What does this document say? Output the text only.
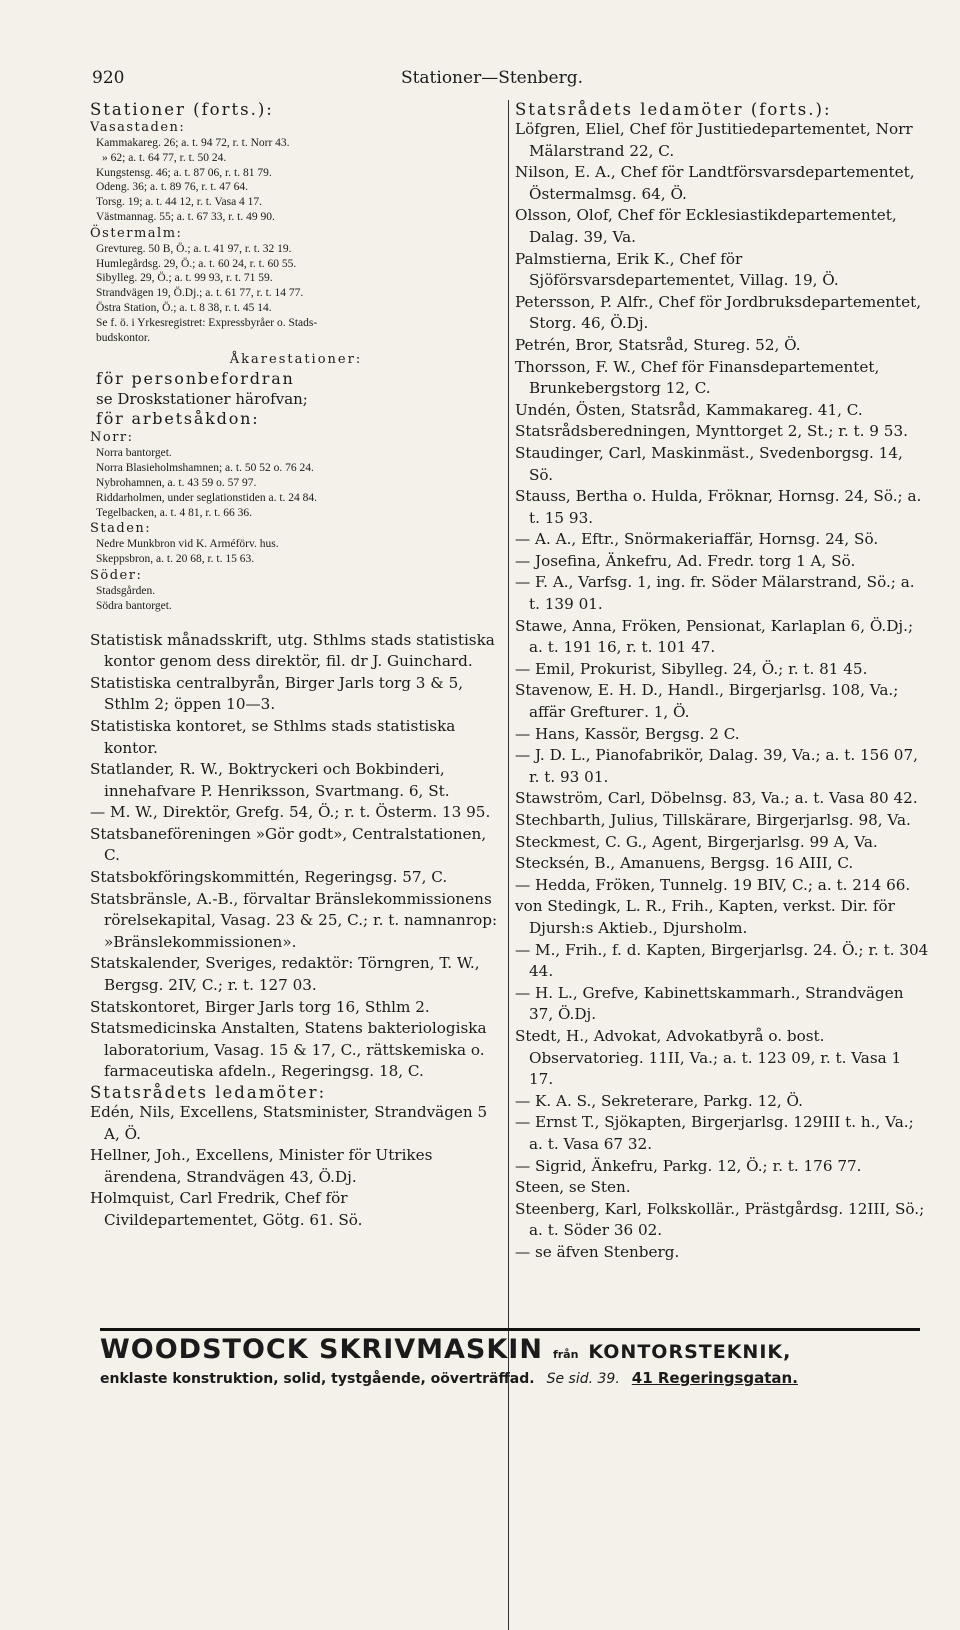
920	Stationer—Stenberg.
Stationer (forts.):
Vasastaden:
Kammakareg. 26; a. t. 94 72, r. t. Norr 43.
» 62; a. t. 64 77, r. t. 50 24.
Kungstensg. 46; a. t. 87 06, r. t. 81 79.
Odeng. 36; a. t. 89 76, r. t. 47 64.
Torsg. 19; a. t. 44 12, r. t. Vasa 4 17.
Västmannag. 55; a. t. 67 33, r. t. 49 90.
Östermalm:
Grevtureg. 50 B, Ö.; a. t. 41 97, r. t. 32 19.
Humlegårdsg. 29, Ö.; a. t. 60 24, r. t. 60 55.
Sibylleg. 29, Ö.; a. t. 99 93, r. t. 71 59.
Strandvägen 19, Ö.Dj.; a. t. 61 77, r. t. 14 77.
Östra Station, Ö.; a. t. 8 38, r. t. 45 14.
Se f. ö. i Yrkesregistret: Expressbyråer o. Stads-
budskontor.
Åkarestationer:
för personbefordran
se Droskstationer härofvan;
för arbetsåkdon:
Norr:
Norra bantorget.
Norra Blasieholmshamnen; a. t. 50 52 o. 76 24.
Nybrohamnen, a. t. 43 59 o. 57 97.
Riddarholmen, under seglationstiden a. t. 24 84.
Tegelbacken, a. t. 4 81, r. t. 66 36.
Staden:
Nedre Munkbron vid K. Arméförv. hus.
Skeppsbron, a. t. 20 68, r. t. 15 63.
Söder:
Stadsgården.
Södra bantorget.
Statistisk månadsskrift, utg. Sthlms stads statistiska kontor genom dess direktör, fil. dr J. Guinchard.
Statistiska centralbyrån, Birger Jarls torg 3 & 5, Sthlm 2; öppen 10—3.
Statistiska kontoret, se Sthlms stads statistiska kontor.
Statlander, R. W., Boktryckeri och Bokbinderi, innehafvare P. Henriksson, Svartmang. 6, St.
— M. W., Direktör, Grefg. 54, Ö.; r. t. Österm. 13 95.
Statsbaneföreningen »Gör godt», Centralstationen, C.
Statsbokföringskommittén, Regeringsg. 57, C.
Statsbränsle, A.-B., förvaltar Bränslekommissionens rörelsekapital, Vasag. 23 & 25, C.; r. t. namnanrop: »Bränslekommissionen».
Statskalender, Sveriges, redaktör: Törngren, T. W., Bergsg. 2IV, C.; r. t. 127 03.
Statskontoret, Birger Jarls torg 16, Sthlm 2.
Statsmedicinska Anstalten, Statens bakteriologiska laboratorium, Vasag. 15 & 17, C., rättskemiska o. farmaceutiska afdeln., Regeringsg. 18, C.
Statsrådets ledamöter:
Edén, Nils, Excellens, Statsminister, Strandvägen 5 A, Ö.
Hellner, Joh., Excellens, Minister för Utrikes ärendena, Strandvägen 43, Ö.Dj.
Holmquist, Carl Fredrik, Chef för Civildepartementet, Götg. 61. Sö.
Statsrådets ledamöter (forts.):
Löfgren, Eliel, Chef för Justitiedepartementet, Norr Mälarstrand 22, C.
Nilson, E. A., Chef för Landtförsvarsdepartementet, Östermalmsg. 64, Ö.
Olsson, Olof, Chef för Ecklesiastikdepartementet, Dalag. 39, Va.
Palmstierna, Erik K., Chef för Sjöförsvarsdepartementet, Villag. 19, Ö.
Petersson, P. Alfr., Chef för Jordbruksdepartementet, Storg. 46, Ö.Dj.
Petrén, Bror, Statsråd, Stureg. 52, Ö.
Thorsson, F. W., Chef för Finansdepartementet, Brunkebergstorg 12, C.
Undén, Östen, Statsråd, Kammakareg. 41, C.
Statsrådsberedningen, Mynttorget 2, St.; r. t. 9 53.
Staudinger, Carl, Maskinmäst., Svedenborgsg. 14, Sö.
Stauss, Bertha o. Hulda, Fröknar, Hornsg. 24, Sö.; a. t. 15 93.
— A. A., Eftr., Snörmakeriaffär, Hornsg. 24, Sö.
— Josefina, Änkefru, Ad. Fredr. torg 1 A, Sö.
— F. A., Varfsg. 1, ing. fr. Söder Mälarstrand, Sö.; a. t. 139 01.
Stawe, Anna, Fröken, Pensionat, Karlaplan 6, Ö.Dj.; a. t. 191 16, r. t. 101 47.
— Emil, Prokurist, Sibylleg. 24, Ö.; r. t. 81 45.
Stavenow, E. H. D., Handl., Birgerjarlsg. 108, Va.; affär Grefturег. 1, Ö.
— Hans, Kassör, Bergsg. 2 C.
— J. D. L., Pianofabrikör, Dalag. 39, Va.; a. t. 156 07, r. t. 93 01.
Stawström, Carl, Döbelnsg. 83, Va.; a. t. Vasa 80 42.
Stechbarth, Julius, Tillskärare, Birgerjarlsg. 98, Va.
Steckmest, C. G., Agent, Birgerjarlsg. 99 A, Va.
Stecksén, B., Amanuens, Bergsg. 16 AIII, C.
— Hedda, Fröken, Tunnelg. 19 BIV, C.; a. t. 214 66.
von Stedingk, L. R., Frih., Kapten, verkst. Dir. för Djursh:s Aktieb., Djursholm.
— M., Frih., f. d. Kapten, Birgerjarlsg. 24. Ö.; r. t. 304 44.
— H. L., Grefve, Kabinettskammarh., Strandvägen 37, Ö.Dj.
Stedt, H., Advokat, Advokatbyrå o. bost. Observatoriеg. 11II, Va.; a. t. 123 09, r. t. Vasa 1 17.
— K. A. S., Sekreterare, Parkg. 12, Ö.
— Ernst T., Sjökapten, Birgerjarlsg. 129III t. h., Va.; a. t. Vasa 67 32.
— Sigrid, Änkefru, Parkg. 12, Ö.; r. t. 176 77.
Steen, se Sten.
Steenberg, Karl, Folkskollär., Prästgårdsg. 12III, Sö.; a. t. Söder 36 02.
— se äfven Stenberg.
WOODSTOCK SKRIVMASKIN från KONTORSTEKNIK,
enklaste konstruktion, solid, tystgående, oöverträffad. Se sid. 39. 41 Regeringsgatan.
